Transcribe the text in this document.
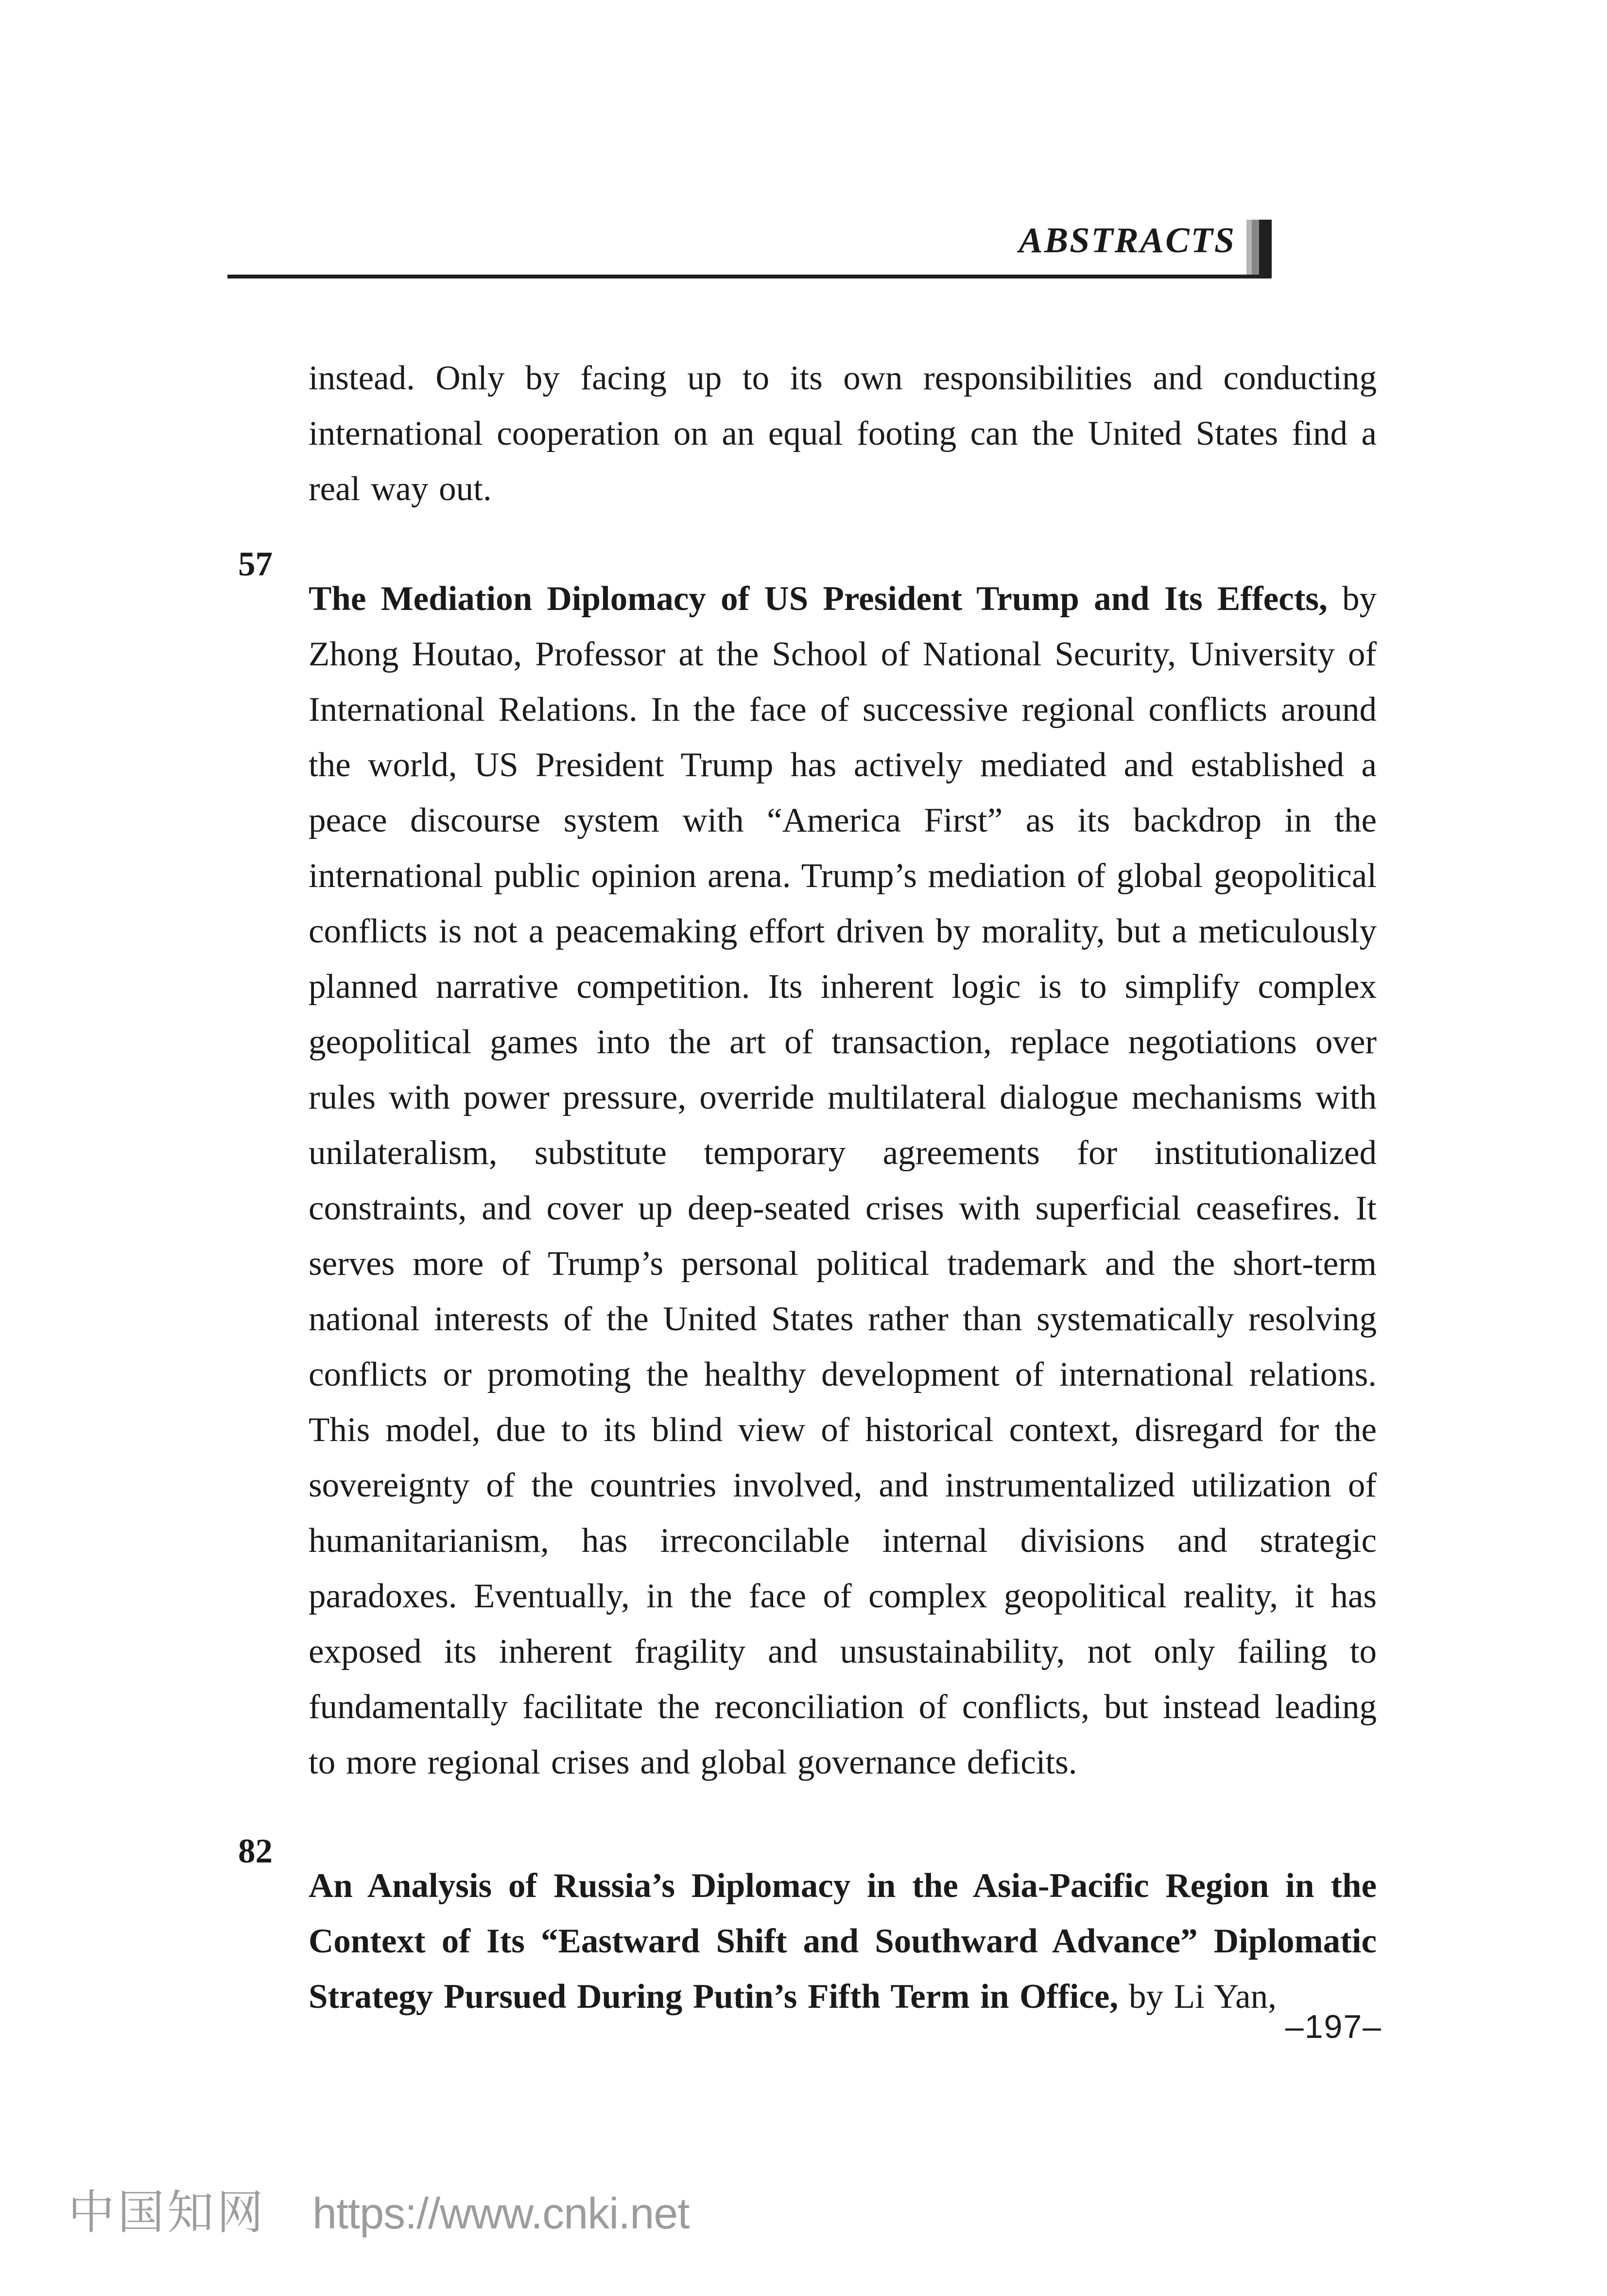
ABSTRACTS

instead. Only by facing up to its own responsibilities and conducting international cooperation on an equal footing can the United States find a real way out.

57

The Mediation Diplomacy of US President Trump and Its Effects, by Zhong Houtao, Professor at the School of National Security, University of International Relations. In the face of successive regional conflicts around the world, US President Trump has actively mediated and established a peace discourse system with “America First” as its backdrop in the international public opinion arena. Trump’s mediation of global geopolitical conflicts is not a peacemaking effort driven by morality, but a meticulously planned narrative competition. Its inherent logic is to simplify complex geopolitical games into the art of transaction, replace negotiations over rules with power pressure, override multilateral dialogue mechanisms with unilateralism, substitute temporary agreements for institutionalized constraints, and cover up deep-seated crises with superficial ceasefires. It serves more of Trump’s personal political trademark and the short-term national interests of the United States rather than systematically resolving conflicts or promoting the healthy development of international relations. This model, due to its blind view of historical context, disregard for the sovereignty of the countries involved, and instrumentalized utilization of humanitarianism, has irreconcilable internal divisions and strategic paradoxes. Eventually, in the face of complex geopolitical reality, it has exposed its inherent fragility and unsustainability, not only failing to fundamentally facilitate the reconciliation of conflicts, but instead leading to more regional crises and global governance deficits.

82

An Analysis of Russia’s Diplomacy in the Asia-Pacific Region in the Context of Its “Eastward Shift and Southward Advance” Diplomatic Strategy Pursued During Putin’s Fifth Term in Office, by Li Yan,

–197–
中国知网 https://www.cnki.net
